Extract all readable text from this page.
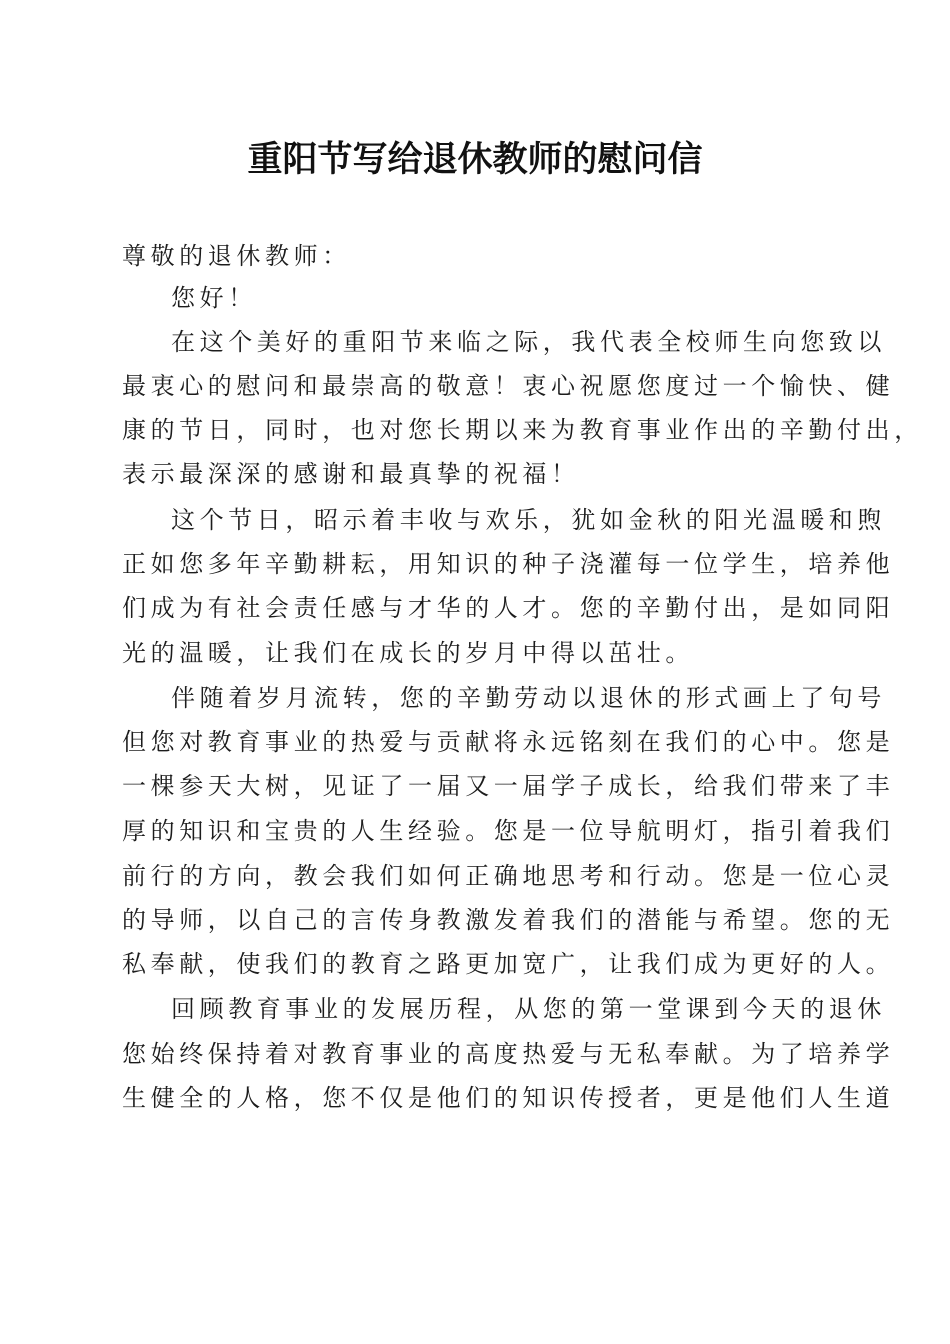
重阳节写给退休教师的慰问信
尊敬的退休教师：
您好！
在这个美好的重阳节来临之际，我代表全校师生向您致以
最衷心的慰问和最崇高的敬意！衷心祝愿您度过一个愉快、健
康的节日，同时，也对您长期以来为教育事业作出的辛勤付出，
表示最深深的感谢和最真挚的祝福！
这个节日，昭示着丰收与欢乐，犹如金秋的阳光温暖和煦
正如您多年辛勤耕耘，用知识的种子浇灌每一位学生，培养他
们成为有社会责任感与才华的人才。您的辛勤付出，是如同阳
光的温暖，让我们在成长的岁月中得以茁壮。
伴随着岁月流转，您的辛勤劳动以退休的形式画上了句号
但您对教育事业的热爱与贡献将永远铭刻在我们的心中。您是
一棵参天大树，见证了一届又一届学子成长，给我们带来了丰
厚的知识和宝贵的人生经验。您是一位导航明灯，指引着我们
前行的方向，教会我们如何正确地思考和行动。您是一位心灵
的导师，以自己的言传身教激发着我们的潜能与希望。您的无
私奉献，使我们的教育之路更加宽广，让我们成为更好的人。
回顾教育事业的发展历程，从您的第一堂课到今天的退休
您始终保持着对教育事业的高度热爱与无私奉献。为了培养学
生健全的人格，您不仅是他们的知识传授者，更是他们人生道
